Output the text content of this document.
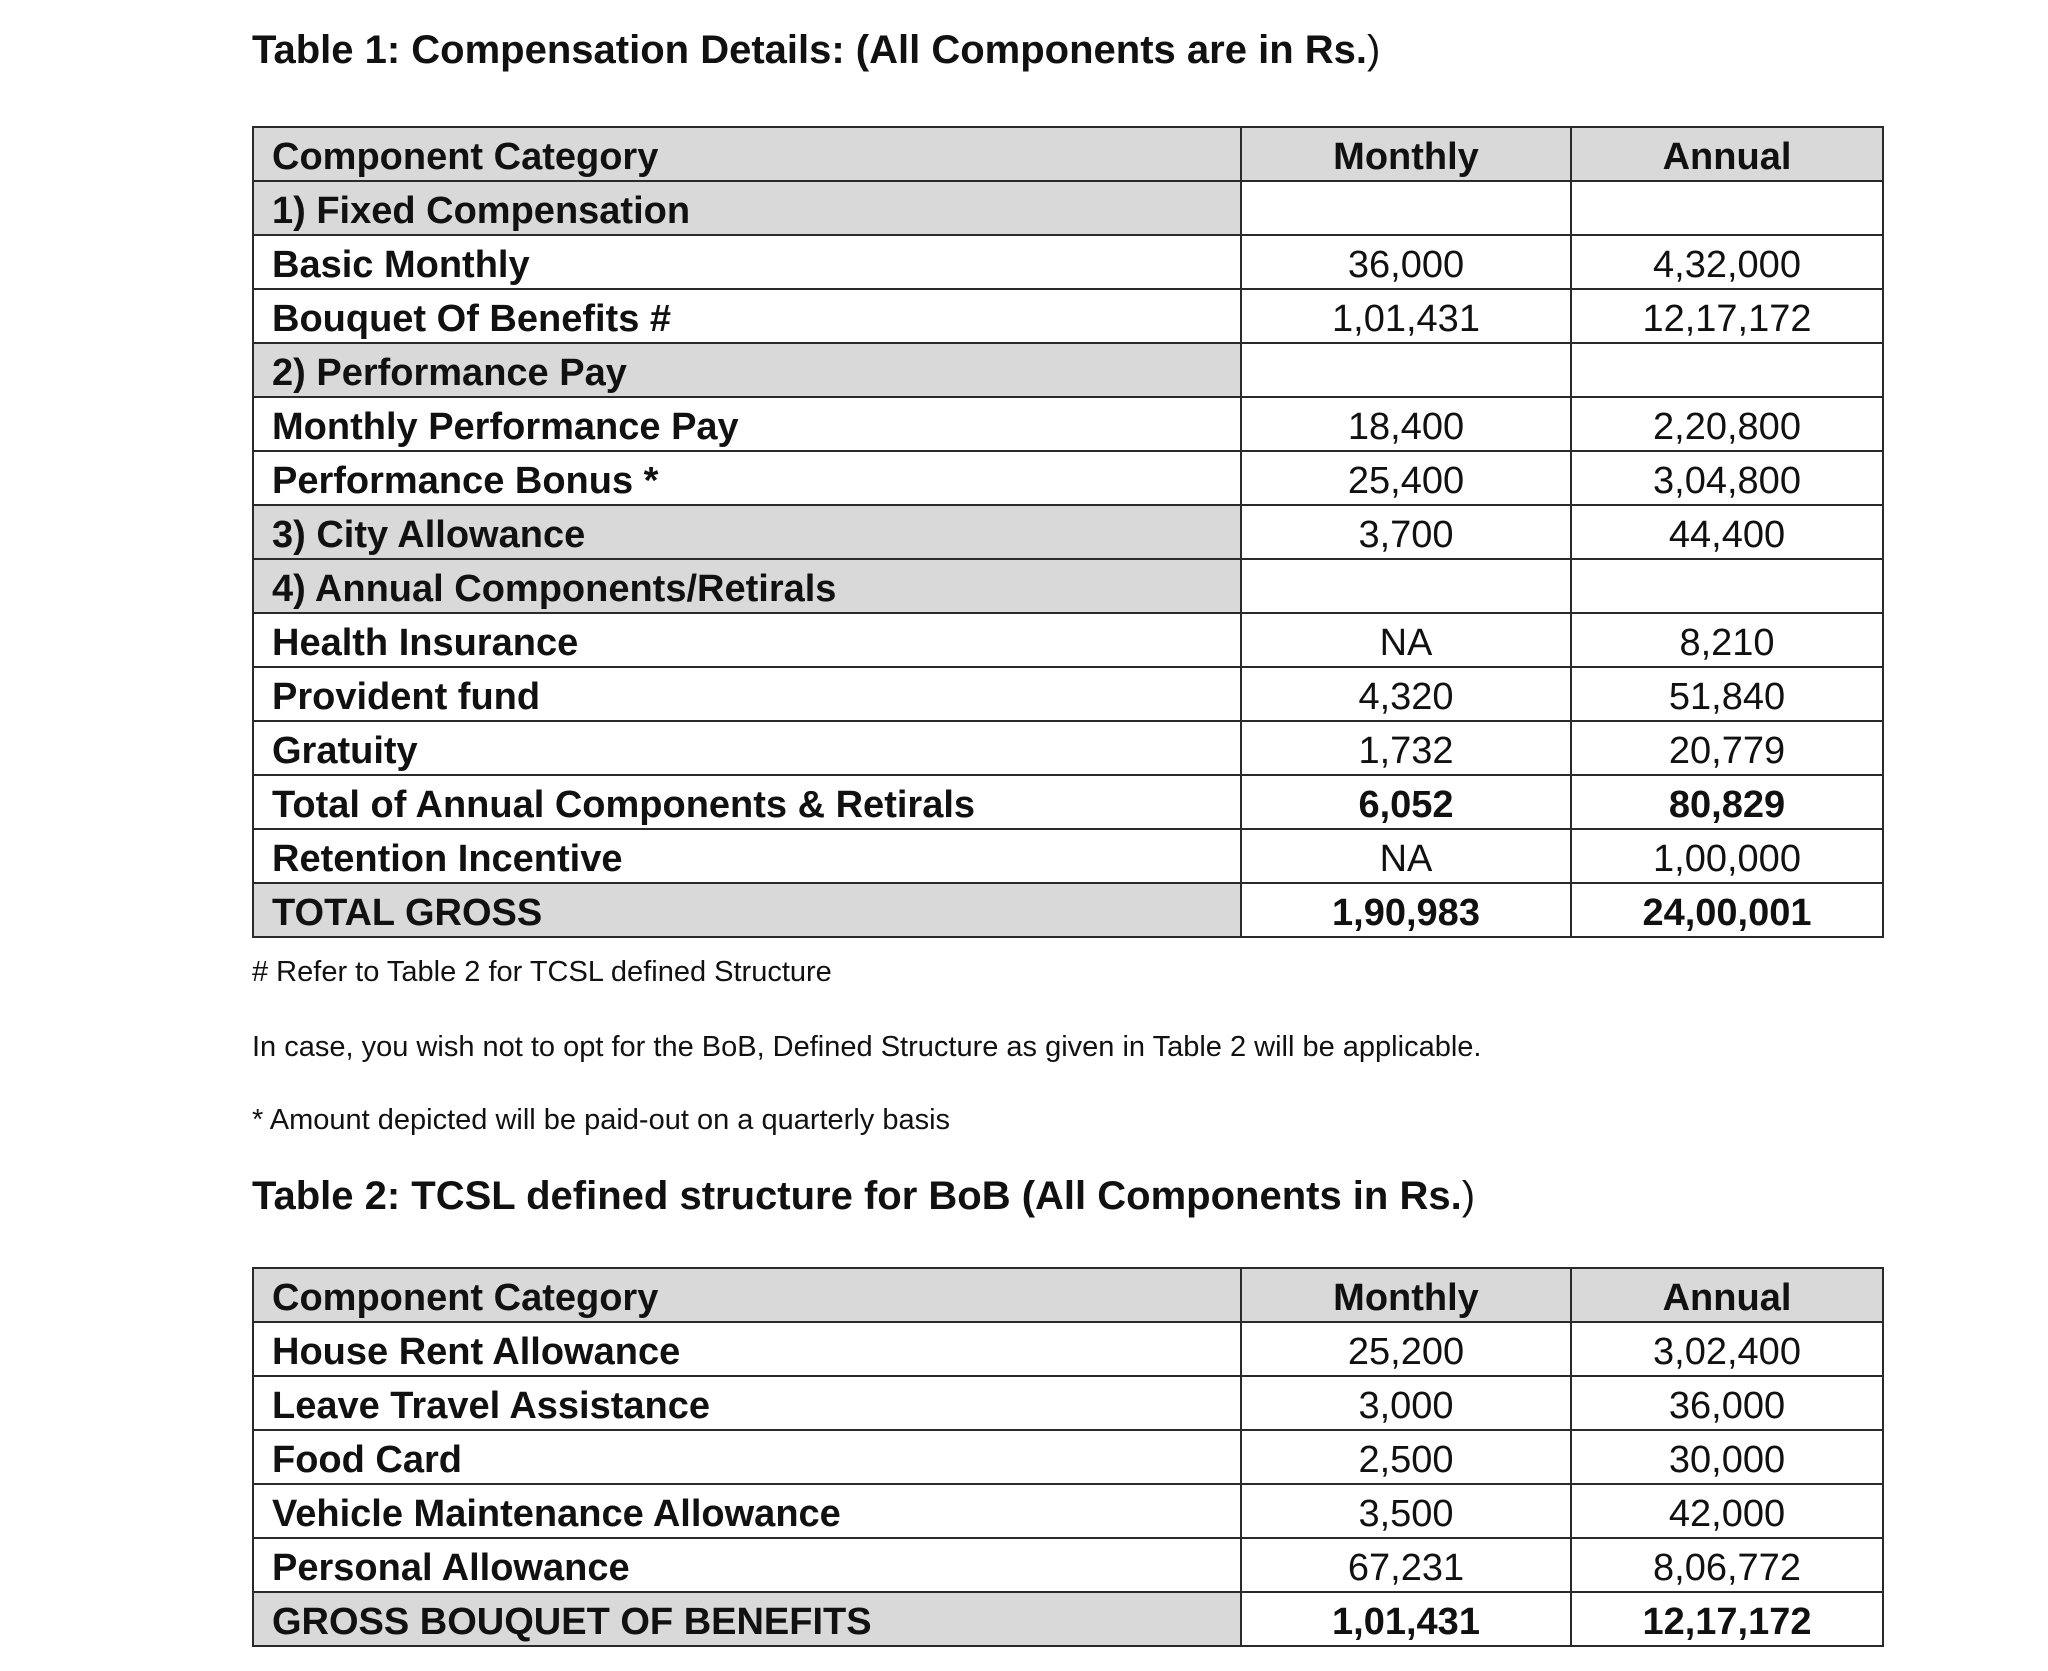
Table 1: Compensation Details: (All Components are in Rs.)
Component Category	Monthly	Annual
1) Fixed Compensation		
Basic Monthly	36,000	4,32,000
Bouquet Of Benefits #	1,01,431	12,17,172
2) Performance Pay		
Monthly Performance Pay	18,400	2,20,800
Performance Bonus *	25,400	3,04,800
3) City Allowance	3,700	44,400
4) Annual Components/Retirals		
Health Insurance	NA	8,210
Provident fund	4,320	51,840
Gratuity	1,732	20,779
Total of Annual Components & Retirals	6,052	80,829
Retention Incentive	NA	1,00,000
TOTAL GROSS	1,90,983	24,00,001

# Refer to Table 2 for TCSL defined Structure

In case, you wish not to opt for the BoB, Defined Structure as given in Table 2 will be applicable.

* Amount depicted will be paid-out on a quarterly basis

Table 2: TCSL defined structure for BoB (All Components in Rs.)
Component Category	Monthly	Annual
House Rent Allowance	25,200	3,02,400
Leave Travel Assistance	3,000	36,000
Food Card	2,500	30,000
Vehicle Maintenance Allowance	3,500	42,000
Personal Allowance	67,231	8,06,772
GROSS BOUQUET OF BENEFITS	1,01,431	12,17,172
